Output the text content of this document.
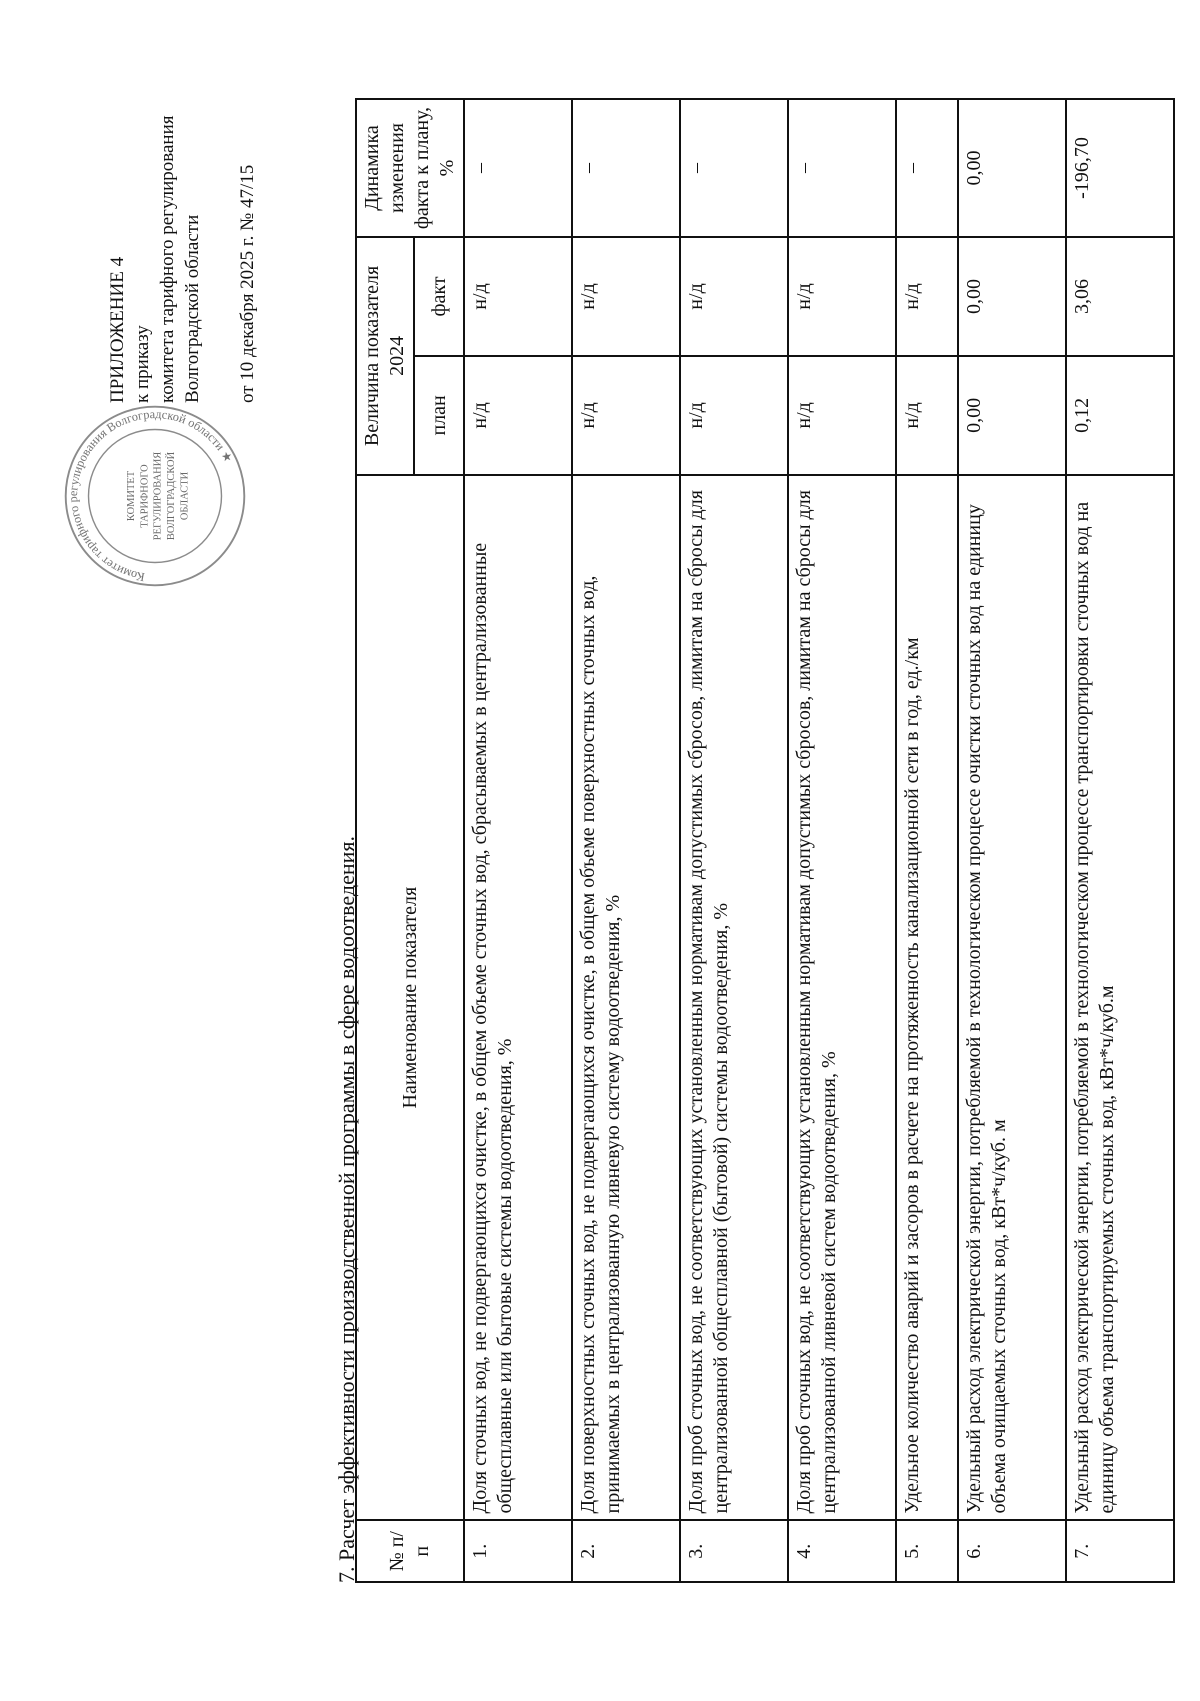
КОМИТЕТ ТАРИФНОГО РЕГУЛИРОВАНИЯ ВОЛГОГРАДСКОЙ ОБЛАСТИ
Комитет тарифного регулирования Волгоградской области ★
ПРИЛОЖЕНИЕ 4 к приказу комитета тарифного регулирования Волгоградской области от 10 декабря 2025 г. № 47/15
7. Расчет эффективности производственной программы в сфере водоотведения. № п/п	Наименование показателя	Величина показателя 2024		Динамика изменения факта к плану, %
		план	факт	
1.	Доля сточных вод, не подвергающихся очистке, в общем объеме сточных вод, сбрасываемых в централизованные общесплавные или бытовые системы водоотведения, %	н/д	н/д	–
2.	Доля поверхностных сточных вод, не подвергающихся очистке, в общем объеме поверхностных сточных вод, принимаемых в централизованную ливневую систему водоотведения, %	н/д	н/д	–
3.	Доля проб сточных вод, не соответствующих установленным нормативам допустимых сбросов, лимитам на сбросы для централизованной общесплавной (бытовой) системы водоотведения, %	н/д	н/д	–
4.	Доля проб сточных вод, не соответствующих установленным нормативам допустимых сбросов, лимитам на сбросы для централизованной ливневой систем водоотведения, %	н/д	н/д	–
5.	Удельное количество аварий и засоров в расчете на протяженность канализационной сети в год, ед./км	н/д	н/д	–
6.	Удельный расход электрической энергии, потребляемой в технологическом процессе очистки сточных вод на единицу объема очищаемых сточных вод, кВт*ч/куб. м	0,00	0,00	0,00
7.	Удельный расход электрической энергии, потребляемой в технологическом процессе транспортировки сточных вод на единицу объема транспортируемых сточных вод, кВт*ч/куб.м	0,12	3,06	-196,70
